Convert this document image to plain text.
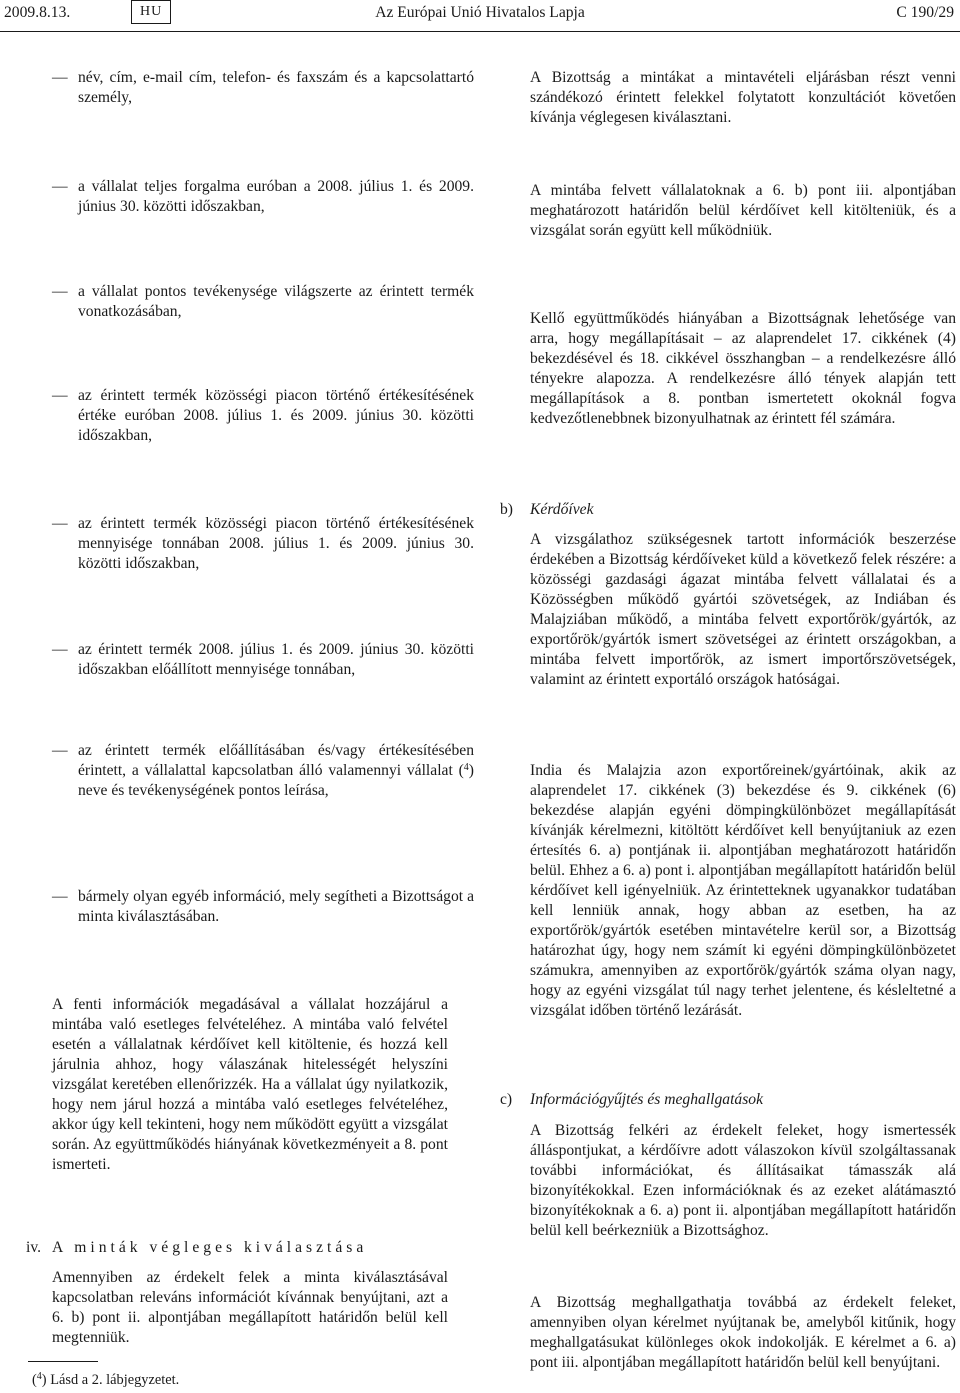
Az Európai Unió Hivatalos Lapja
2009.8.13.	HU	C 190/29
— név, cím, e-mail cím, telefon- és faxszám és a kapcsolattartó személy,
— a vállalat teljes forgalma euróban a 2008. július 1. és 2009. június 30. közötti időszakban,
— a vállalat pontos tevékenysége világszerte az érintett termék vonatkozásában,
— az érintett termék közösségi piacon történő értékesítésének értéke euróban 2008. július 1. és 2009. június 30. közötti időszakban,
— az érintett termék közösségi piacon történő értékesítésének mennyisége tonnában 2008. július 1. és 2009. június 30. közötti időszakban,
— az érintett termék 2008. július 1. és 2009. június 30. közötti időszakban előállított mennyisége tonnában,
— az érintett termék előállításában és/vagy értékesítésében érintett, a vállalattal kapcsolatban álló valamennyi vállalat ($^4$) neve és tevékenységének pontos leírása,
— bármely olyan egyéb információ, mely segítheti a Bizottságot a minta kiválasztásában.
A fenti információk megadásával a vállalat hozzájárul a mintába való esetleges felvételéhez. A mintába való felvétel esetén a vállalatnak kérdőívet kell kitöltenie, és hozzá kell járulnia ahhoz, hogy válaszának hitelességét helyszíni vizsgálat keretében ellenőrizzék. Ha a vállalat úgy nyilatkozik, hogy nem járul hozzá a mintába való esetleges felvételéhez, akkor úgy kell tekinteni, hogy nem működött együtt a vizsgálat során. Az együttműködés hiányának következményeit a 8. pont ismerteti.
iv. A minták végleges kiválasztása
Amennyiben az érdekelt felek a minta kiválasztásával kapcsolatban releváns információt kívánnak benyújtani, azt a 6. b) pont ii. alpontjában megállapított határidőn belül kell megtenniük.
($^4$) Lásd a 2. lábjegyzetet.
A Bizottság a mintákat a mintavételi eljárásban részt venni szándékozó érintett felekkel folytatott konzultációt követően kívánja véglegesen kiválasztani.
A mintába felvett vállalatoknak a 6. b) pont iii. alpontjában meghatározott határidőn belül kérdőívet kell kitölteniük, és a vizsgálat során együtt kell működniük.
Kellő együttműködés hiányában a Bizottságnak lehetősége van arra, hogy megállapításait – az alaprendelet 17. cikkének (4) bekezdésével és 18. cikkével összhangban – a rendelkezésre álló tényekre alapozza. A rendelkezésre álló tények alapján tett megállapítások a 8. pontban ismertetett okoknál fogva kedvezőtlenebbnek bizonyulhatnak az érintett fél számára.
b) Kérdőívek
A vizsgálathoz szükségesnek tartott információk beszerzése érdekében a Bizottság kérdőíveket küld a következő felek részére: a közösségi gazdasági ágazat mintába felvett vállalatai és a Közösségben működő gyártói szövetségek, az Indiában és Malajziában működő, a mintába felvett exportőrök/gyártók, az exportőrök/gyártók ismert szövetségei az érintett országokban, a mintába felvett importőrök, az ismert importőrszövetségek, valamint az érintett exportáló országok hatóságai.
India és Malajzia azon exportőreinek/gyártóinak, akik az alaprendelet 17. cikkének (3) bekezdése és 9. cikkének (6) bekezdése alapján egyéni dömpingkülönbözet megállapítását kívánják kérelmezni, kitöltött kérdőívet kell benyújtaniuk az ezen értesítés 6. a) pontjának ii. alpontjában meghatározott határidőn belül. Ehhez a 6. a) pont i. alpontjában megállapított határidőn belül kérdőívet kell igényelniük. Az érintetteknek ugyanakkor tudatában kell lenniük annak, hogy abban az esetben, ha az exportőrök/gyártók esetében mintavételre kerül sor, a Bizottság határozhat úgy, hogy nem számít ki egyéni dömpingkülönbözetet számukra, amennyiben az exportőrök/gyártók száma olyan nagy, hogy az egyéni vizsgálat túl nagy terhet jelentene, és késleltetné a vizsgálat időben történő lezárását.
c) Információgyűjtés és meghallgatások
A Bizottság felkéri az érdekelt feleket, hogy ismertessék álláspontjukat, a kérdőívre adott válaszokon kívül szolgáltassanak további információkat, és állításaikat támasszák alá bizonyítékokkal. Ezen információknak és az ezeket alátámasztó bizonyítékoknak a 6. a) pont ii. alpontjában megállapított határidőn belül kell beérkezniük a Bizottsághoz.
A Bizottság meghallgathatja továbbá az érdekelt feleket, amennyiben olyan kérelmet nyújtanak be, amelyből kitűnik, hogy meghallgatásukat különleges okok indokolják. E kérelmet a 6. a) pont iii. alpontjában megállapított határidőn belül kell benyújtani.
